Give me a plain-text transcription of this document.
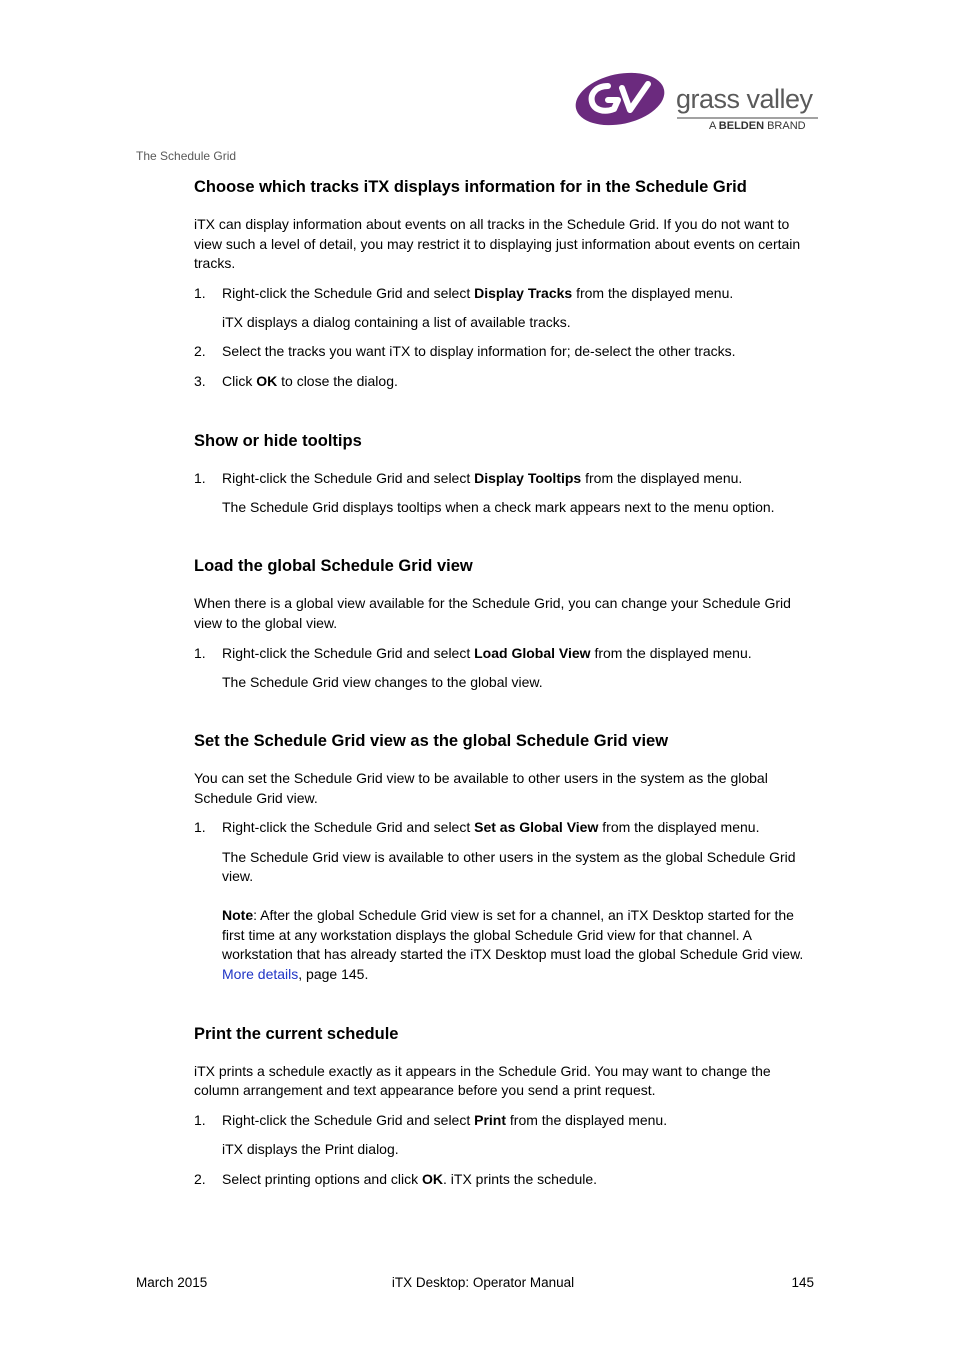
grass valley
A BELDEN BRAND
The Schedule Grid
Choose which tracks iTX displays information for in the Schedule Grid

iTX can display information about events on all tracks in the Schedule Grid. If you do not want to view such a level of detail, you may restrict it to displaying just information about events on certain tracks.

1.	Right-click the Schedule Grid and select Display Tracks from the displayed menu.

iTX displays a dialog containing a list of available tracks.

2.	Select the tracks you want iTX to display information for; de-select the other tracks.
3.	Click OK to close the dialog.
Show or hide tooltips
1.	Right-click the Schedule Grid and select Display Tooltips from the displayed menu.

The Schedule Grid displays tooltips when a check mark appears next to the menu option.

Load the global Schedule Grid view

When there is a global view available for the Schedule Grid, you can change your Schedule Grid view to the global view.

1.	Right-click the Schedule Grid and select Load Global View from the displayed menu.

The Schedule Grid view changes to the global view.

Set the Schedule Grid view as the global Schedule Grid view

You can set the Schedule Grid view to be available to other users in the system as the global Schedule Grid view.

1.	Right-click the Schedule Grid and select Set as Global View from the displayed menu.

The Schedule Grid view is available to other users in the system as the global Schedule Grid view.

Note: After the global Schedule Grid view is set for a channel, an iTX Desktop started for the first time at any workstation displays the global Schedule Grid view for that channel. A workstation that has already started the iTX Desktop must load the global Schedule Grid view. More details, page 145.

Print the current schedule

iTX prints a schedule exactly as it appears in the Schedule Grid. You may want to change the column arrangement and text appearance before you send a print request.

1.	Right-click the Schedule Grid and select Print from the displayed menu.

iTX displays the Print dialog.

2.	Select printing options and click OK. iTX prints the schedule.
March 2015	iTX Desktop: Operator Manual	145
